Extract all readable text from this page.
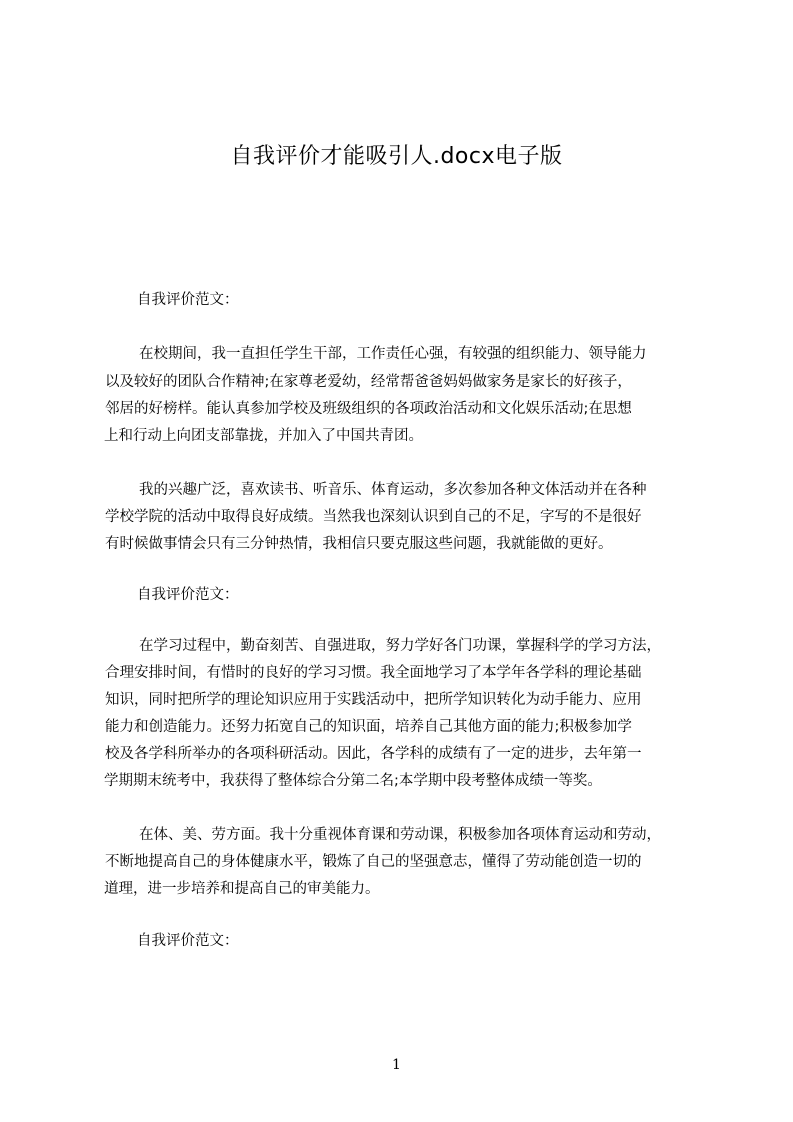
自我评价才能吸引人.docx电子版
自我评价范文：
在校期间，我一直担任学生干部，工作责任心强，有较强的组织能力、领导能力
以及较好的团队合作精神;在家尊老爱幼，经常帮爸爸妈妈做家务是家长的好孩子，
邻居的好榜样。能认真参加学校及班级组织的各项政治活动和文化娱乐活动;在思想
上和行动上向团支部靠拢，并加入了中国共青团。
我的兴趣广泛，喜欢读书、听音乐、体育运动，多次参加各种文体活动并在各种
学校学院的活动中取得良好成绩。当然我也深刻认识到自己的不足，字写的不是很好
有时候做事情会只有三分钟热情，我相信只要克服这些问题，我就能做的更好。
自我评价范文：
在学习过程中，勤奋刻苦、自强进取，努力学好各门功课，掌握科学的学习方法，
合理安排时间，有惜时的良好的学习习惯。我全面地学习了本学年各学科的理论基础
知识，同时把所学的理论知识应用于实践活动中，把所学知识转化为动手能力、应用
能力和创造能力。还努力拓宽自己的知识面，培养自己其他方面的能力;积极参加学
校及各学科所举办的各项科研活动。因此，各学科的成绩有了一定的进步，去年第一
学期期末统考中，我获得了整体综合分第二名;本学期中段考整体成绩一等奖。
在体、美、劳方面。我十分重视体育课和劳动课，积极参加各项体育运动和劳动，
不断地提高自己的身体健康水平，锻炼了自己的坚强意志，懂得了劳动能创造一切的
道理，进一步培养和提高自己的审美能力。
自我评价范文：
1
